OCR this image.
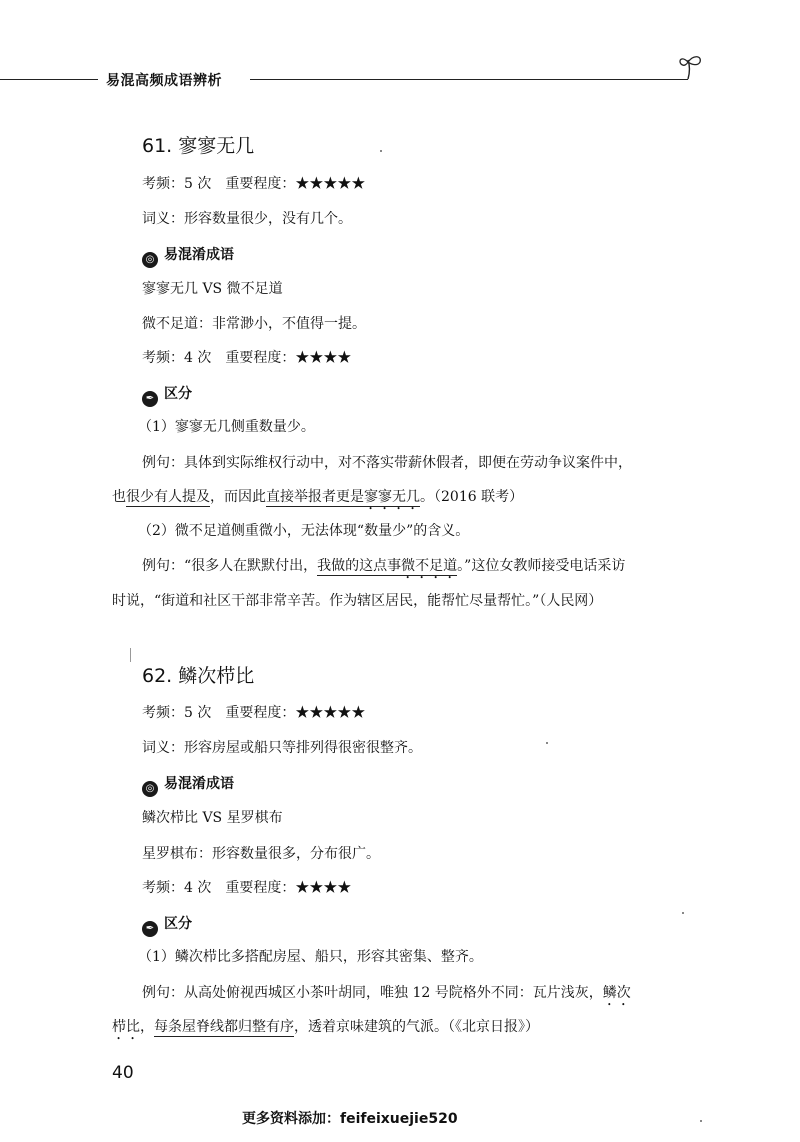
易混高频成语辨析
61. 寥寥无几
考频：5 次　重要程度：★★★★★
词义：形容数量很少，没有几个。
◎ 易混淆成语
寥寥无几 VS 微不足道
微不足道：非常渺小，不值得一提。
考频：4 次　重要程度：★★★★
✒ 区分
（1）寥寥无几侧重数量少。
例句：具体到实际维权行动中，对不落实带薪休假者，即便在劳动争议案件中，
也很少有人提及，而因此直接举报者更是寥寥无几。（2016 联考）
（2）微不足道侧重微小，无法体现“数量少”的含义。
例句：“很多人在默默付出，我做的这点事微不足道。”这位女教师接受电话采访
时说，“街道和社区干部非常辛苦。作为辖区居民，能帮忙尽量帮忙。”（人民网）
62. 鳞次栉比
考频：5 次　重要程度：★★★★★
词义：形容房屋或船只等排列得很密很整齐。
◎ 易混淆成语
鳞次栉比 VS 星罗棋布
星罗棋布：形容数量很多，分布很广。
考频：4 次　重要程度：★★★★
✒ 区分
（1）鳞次栉比多搭配房屋、船只，形容其密集、整齐。
例句：从高处俯视西城区小茶叶胡同，唯独 12 号院格外不同：瓦片浅灰，鳞次
栉比，每条屋脊线都归整有序，透着京味建筑的气派。（《北京日报》）
40
更多资料添加：feifeixuejie520
